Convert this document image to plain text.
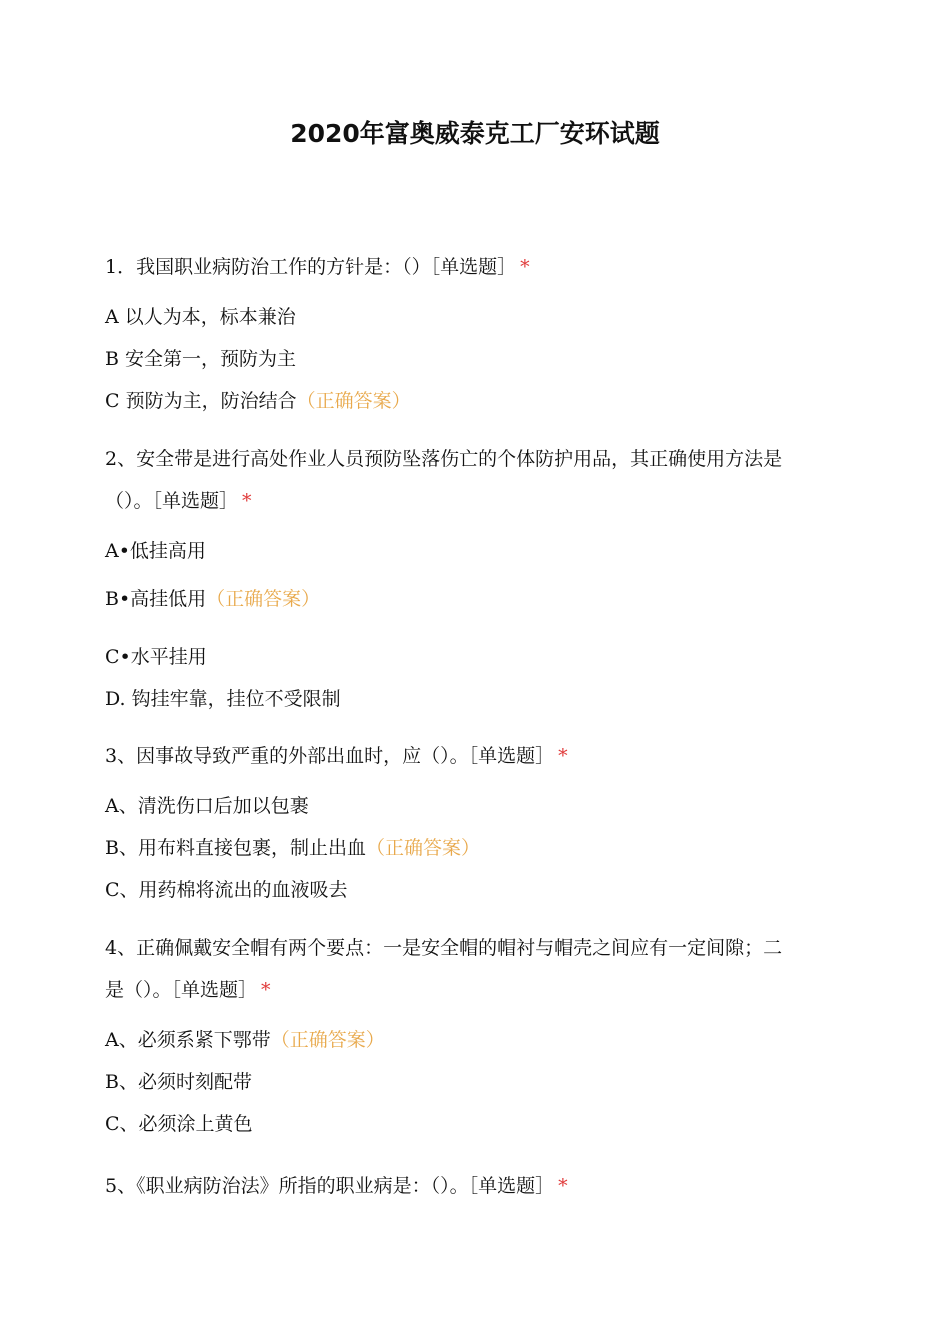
2020年富奥威泰克工厂安环试题
1．我国职业病防治工作的方针是：（）［单选题］ *
A 以人为本，标本兼治
B 安全第一，预防为主
C 预防为主，防治结合（正确答案）
2、安全带是进行高处作业人员预防坠落伤亡的个体防护用品，其正确使用方法是
（）。［单选题］ *
A•低挂高用
B•高挂低用（正确答案）
C•水平挂用
D. 钩挂牢靠，挂位不受限制
3、因事故导致严重的外部出血时，应（）。［单选题］ *
A、清洗伤口后加以包裹
B、用布料直接包裹，制止出血（正确答案）
C、用药棉将流出的血液吸去
4、正确佩戴安全帽有两个要点：一是安全帽的帽衬与帽壳之间应有一定间隙；二
是（）。［单选题］ *
A、必须系紧下鄂带（正确答案）
B、必须时刻配带
C、必须涂上黄色
5、《职业病防治法》所指的职业病是：（）。［单选题］ *
